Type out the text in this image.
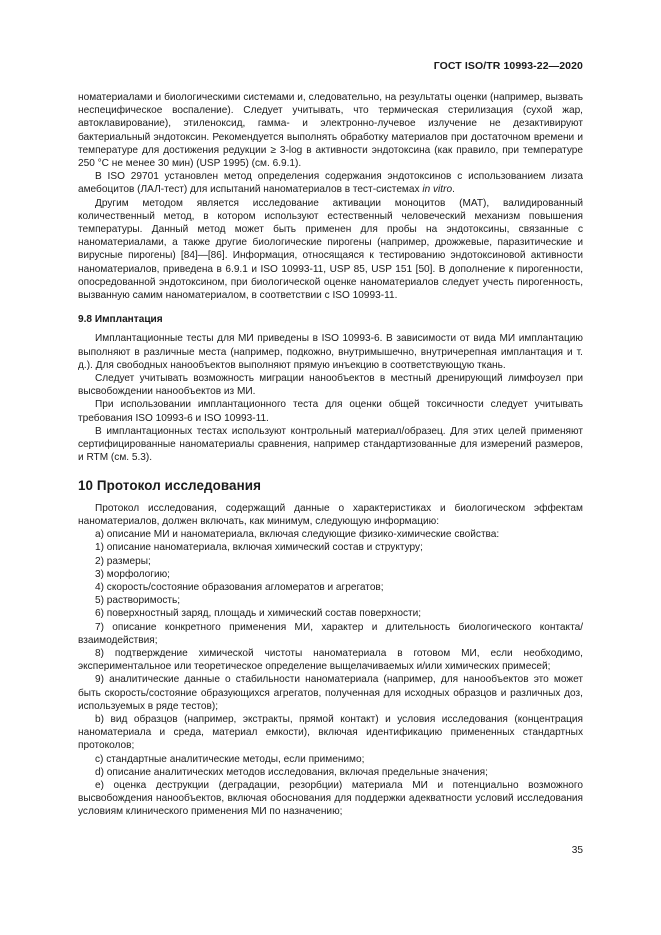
ГОСТ ISO/TR 10993-22—2020

номатериалами и биологическими системами и, следовательно, на результаты оценки (например, вызвать неспецифическое воспаление). Следует учитывать, что термическая стерилизация (сухой жар, автоклавирование), этиленоксид, гамма- и электронно-лучевое излучение не дезактивируют бактериальный эндотоксин. Рекомендуется выполнять обработку материалов при достаточном времени и температуре для достижения редукции ≥ 3-log в активности эндотоксина (как правило, при температуре 250 °С не менее 30 мин) (USP 1995) (см. 6.9.1).

В ISO 29701 установлен метод определения содержания эндотоксинов с использованием лизата амебоцитов (ЛАЛ-тест) для испытаний наноматериалов в тест-системах in vitro.

Другим методом является исследование активации моноцитов (МАТ), валидированный количественный метод, в котором используют естественный человеческий механизм повышения температуры. Данный метод может быть применен для пробы на эндотоксины, связанные с наноматериалами, а также другие биологические пирогены (например, дрожжевые, паразитические и вирусные пирогены) [84]—[86]. Информация, относящаяся к тестированию эндотоксиновой активности наноматериалов, приведена в 6.9.1 и ISO 10993-11, USP 85, USP 151 [50]. В дополнение к пирогенности, опосредованной эндотоксином, при биологической оценке наноматериалов следует учесть пирогенность, вызванную самим наноматериалом, в соответствии с ISO 10993-11.

9.8 Имплантация

Имплантационные тесты для МИ приведены в ISO 10993-6. В зависимости от вида МИ имплантацию выполняют в различные места (например, подкожно, внутримышечно, внутричерепная имплантация и т. д.). Для свободных нанообъектов выполняют прямую инъекцию в соответствующую ткань.

Следует учитывать возможность миграции нанообъектов в местный дренирующий лимфоузел при высвобождении нанообъектов из МИ.

При использовании имплантационного теста для оценки общей токсичности следует учитывать требования ISO 10993-6 и ISO 10993-11.

В имплантационных тестах используют контрольный материал/образец. Для этих целей применяют сертифицированные наноматериалы сравнения, например стандартизованные для измерений размеров, и RTM (см. 5.3).

10 Протокол исследования

Протокол исследования, содержащий данные о характеристиках и биологическом эффектам наноматериалов, должен включать, как минимум, следующую информацию:

а) описание МИ и наноматериала, включая следующие физико-химические свойства:

1) описание наноматериала, включая химический состав и структуру;

2) размеры;

3) морфологию;

4) скорость/состояние образования агломератов и агрегатов;

5) растворимость;

6) поверхностный заряд, площадь и химический состав поверхности;

7) описание конкретного применения МИ, характер и длительность биологического контакта/взаимодействия;

8) подтверждение химической чистоты наноматериала в готовом МИ, если необходимо, экспериментальное или теоретическое определение выщелачиваемых и/или химических примесей;

9) аналитические данные о стабильности наноматериала (например, для нанообъектов это может быть скорость/состояние образующихся агрегатов, полученная для исходных образцов и различных доз, используемых в ряде тестов);

b) вид образцов (например, экстракты, прямой контакт) и условия исследования (концентрация наноматериала и среда, материал емкости), включая идентификацию примененных стандартных протоколов;

с) стандартные аналитические методы, если применимо;

d) описание аналитических методов исследования, включая предельные значения;

е) оценка деструкции (деградации, резорбции) материала МИ и потенциально возможного высвобождения нанообъектов, включая обоснования для поддержки адекватности условий исследования условиям клинического применения МИ по назначению;

35
